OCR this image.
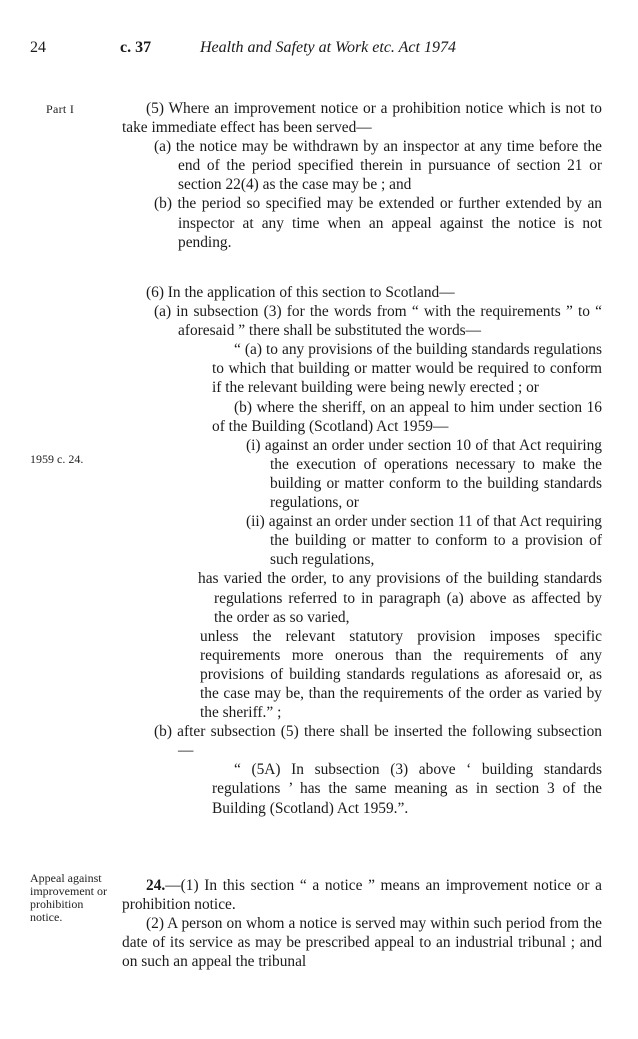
24	c. 37	Health and Safety at Work etc. Act 1974
Part I
1959 c. 24.
Appeal against improvement or prohibition notice.

(5) Where an improvement notice or a prohibition notice which is not to take immediate effect has been served—

(a) the notice may be withdrawn by an inspector at any time before the end of the period specified therein in pursuance of section 21 or section 22(4) as the case may be ; and

(b) the period so specified may be extended or further extended by an inspector at any time when an appeal against the notice is not pending.

(6) In the application of this section to Scotland—

(a) in subsection (3) for the words from “ with the requirements ” to “ aforesaid ” there shall be substituted the words—

“ (a) to any provisions of the building standards regulations to which that building or matter would be required to conform if the relevant building were being newly erected ; or

(b) where the sheriff, on an appeal to him under section 16 of the Building (Scotland) Act 1959—

(i) against an order under section 10 of that Act requiring the execution of operations necessary to make the building or matter conform to the building standards regulations, or

(ii) against an order under section 11 of that Act requiring the building or matter to conform to a provision of such regulations,

has varied the order, to any provisions of the building standards regulations referred to in paragraph (a) above as affected by the order as so varied,

unless the relevant statutory provision imposes specific requirements more onerous than the requirements of any provisions of building standards regulations as aforesaid or, as the case may be, than the requirements of the order as varied by the sheriff.” ;

(b) after subsection (5) there shall be inserted the following subsection—

“ (5A) In subsection (3) above ‘ building standards regulations ’ has the same meaning as in section 3 of the Building (Scotland) Act 1959.”.

24.—(1) In this section “ a notice ” means an improvement notice or a prohibition notice.

(2) A person on whom a notice is served may within such period from the date of its service as may be prescribed appeal to an industrial tribunal ; and on such an appeal the tribunal
